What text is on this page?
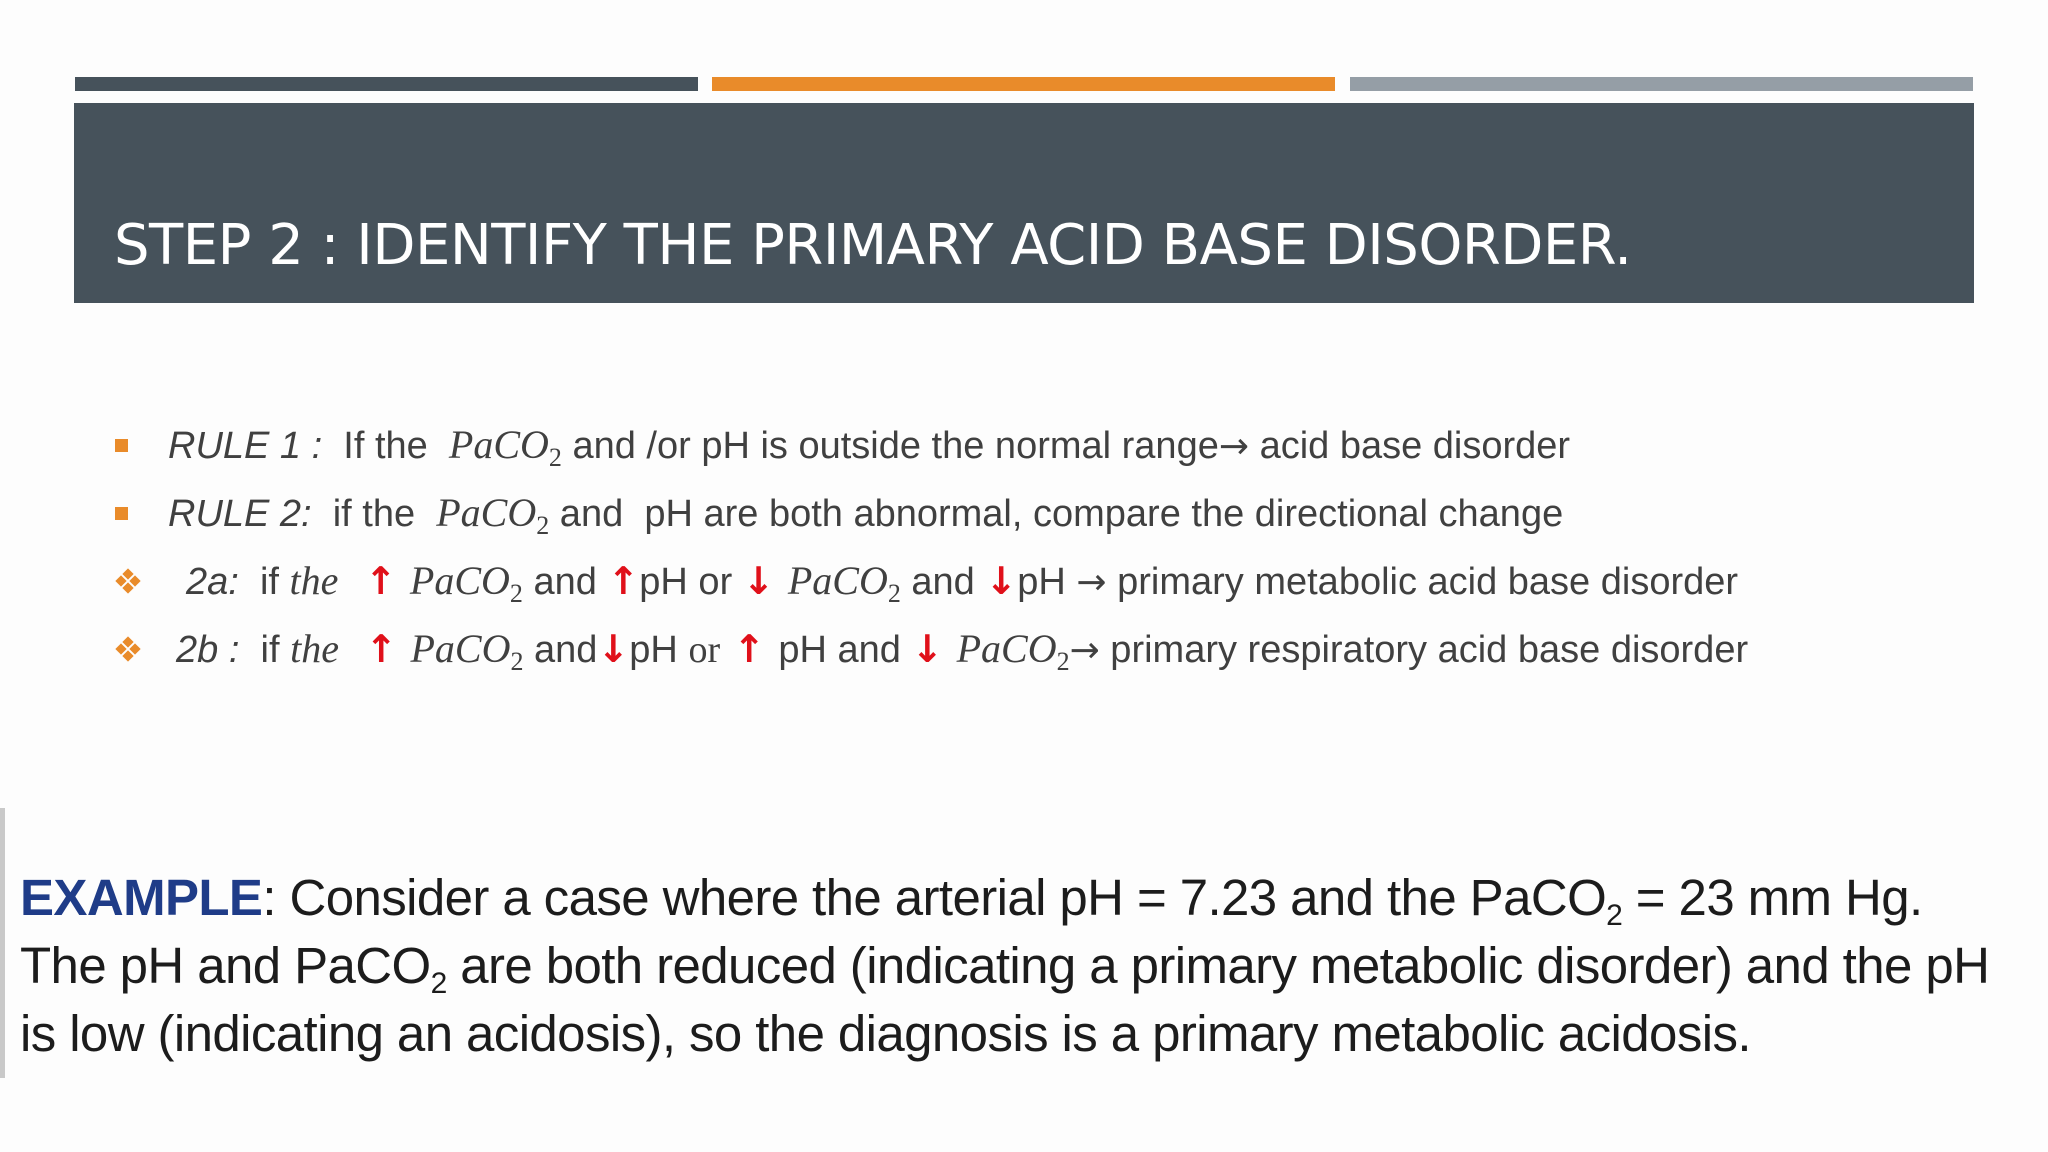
STEP 2 : IDENTIFY THE PRIMARY ACID BASE DISORDER.
RULE 1 :  If the  PaCO$_2$ and /or pH is outside the normal range→ acid base disorder
RULE 2:  if the  PaCO$_2$ and  pH are both abnormal, compare the directional change
2a:  if the  ↑ PaCO$_2$ and ↑pH or ↓ PaCO$_2$ and ↓pH → primary metabolic acid base disorder
2b :  if the  ↑ PaCO$_2$ and↓pH or ↑ pH and ↓ PaCO$_2$→ primary respiratory acid base disorder
EXAMPLE: Consider a case where the arterial pH = 7.23 and the PaCO2 = 23 mm Hg.
The pH and PaCO2 are both reduced (indicating a primary metabolic disorder) and the pH
is low (indicating an acidosis), so the diagnosis is a primary metabolic acidosis.
